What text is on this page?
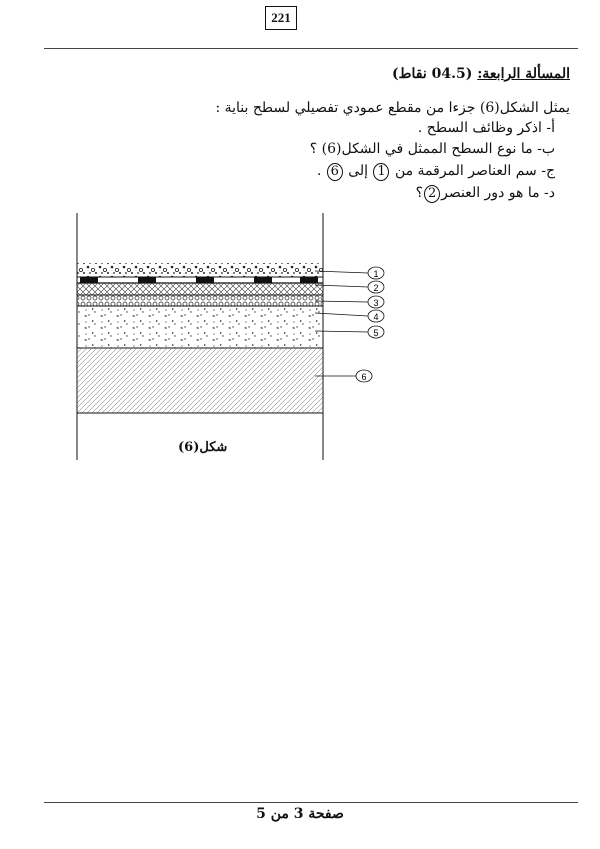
221
المسألة الرابعة: (04.5 نقاط)
يمثل الشكل(6) جزءا من مقطع عمودي تفصيلي لسطح بناية :
أ- اذكر وظائف السطح .
ب- ما نوع السطح الممثل في الشكل(6) ؟
ج- سم العناصر المرقمة من 1 إلى 6 .
د- ما هو دور العنصر2؟
1
2
3
4
5
6
شكل(6)
صفحة 3 من 5
